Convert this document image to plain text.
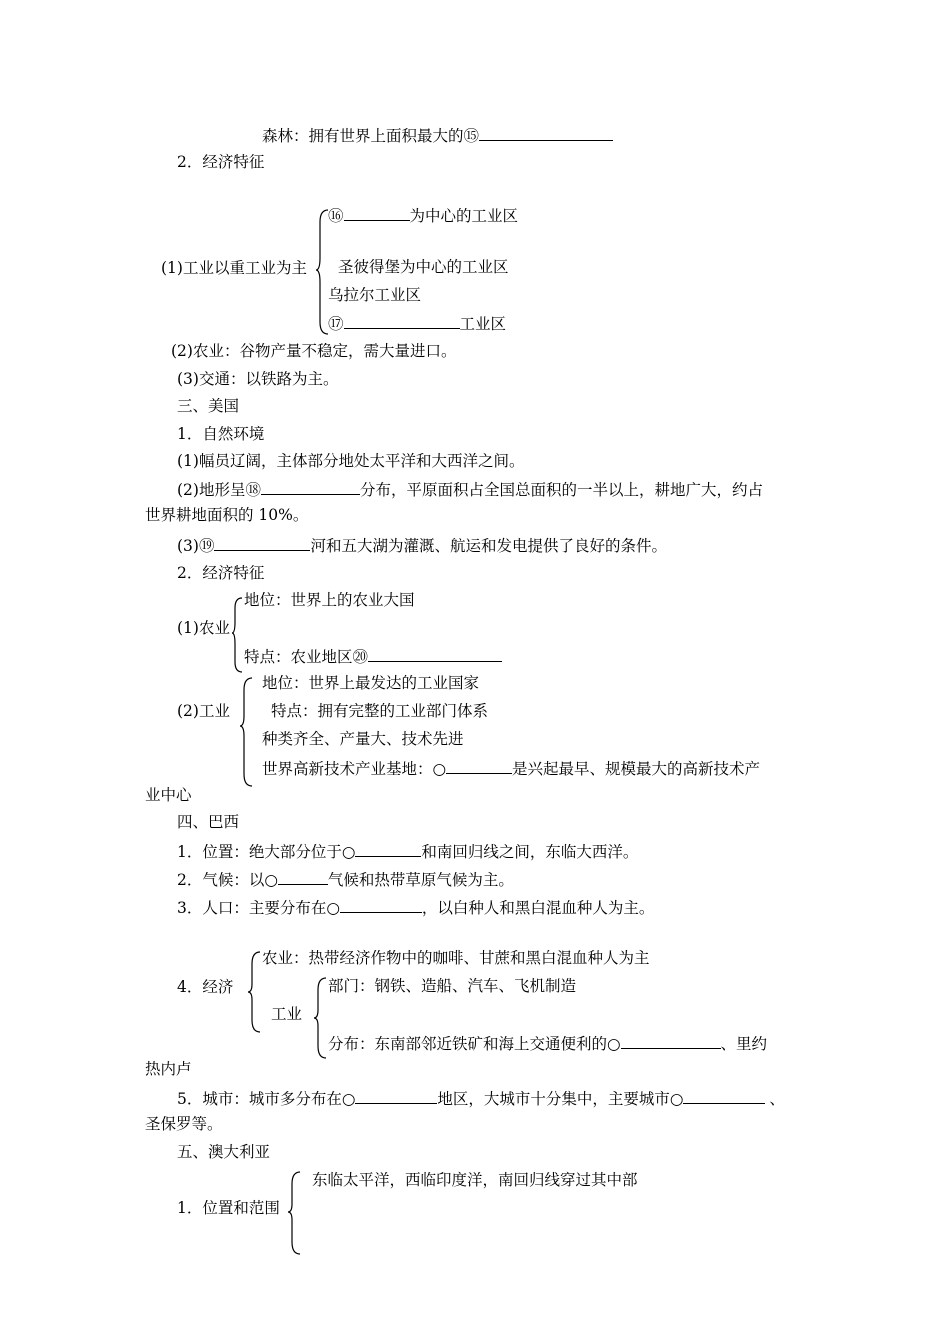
森林：拥有世界上面积最大的⑮
2．经济特征
(1)工业以重工业为主
⑯	为中心的工业区
圣彼得堡为中心的工业区
乌拉尔工业区
⑰	工业区
(2)农业：谷物产量不稳定，需大量进口。
(3)交通：以铁路为主。
三、美国
1．自然环境
(1)幅员辽阔，主体部分地处太平洋和大西洋之间。
(2)地形呈⑱	分布，平原面积占全国总面积的一半以上，耕地广大，约占
世界耕地面积的 10%。
(3)⑲	河和五大湖为灌溉、航运和发电提供了良好的条件。
2．经济特征
(1)农业
地位：世界上的农业大国
特点：农业地区⑳
(2)工业
地位：世界上最发达的工业国家
特点：拥有完整的工业部门体系
种类齐全、产量大、技术先进
世界高新技术产业基地：○	是兴起最早、规模最大的高新技术产
业中心
四、巴西
1．位置：绝大部分位于○	和南回归线之间，东临大西洋。
2．气候：以○	气候和热带草原气候为主。
3．人口：主要分布在○	，以白种人和黑白混血种人为主。
4．经济
农业：热带经济作物中的咖啡、甘蔗和黑白混血种人为主
工业
部门：钢铁、造船、汽车、飞机制造
分布：东南部邻近铁矿和海上交通便利的○	、里约
热内卢
5．城市：城市多分布在○	地区，大城市十分集中，主要城市○	、
圣保罗等。
五、澳大利亚
1．位置和范围
东临太平洋，西临印度洋，南回归线穿过其中部
